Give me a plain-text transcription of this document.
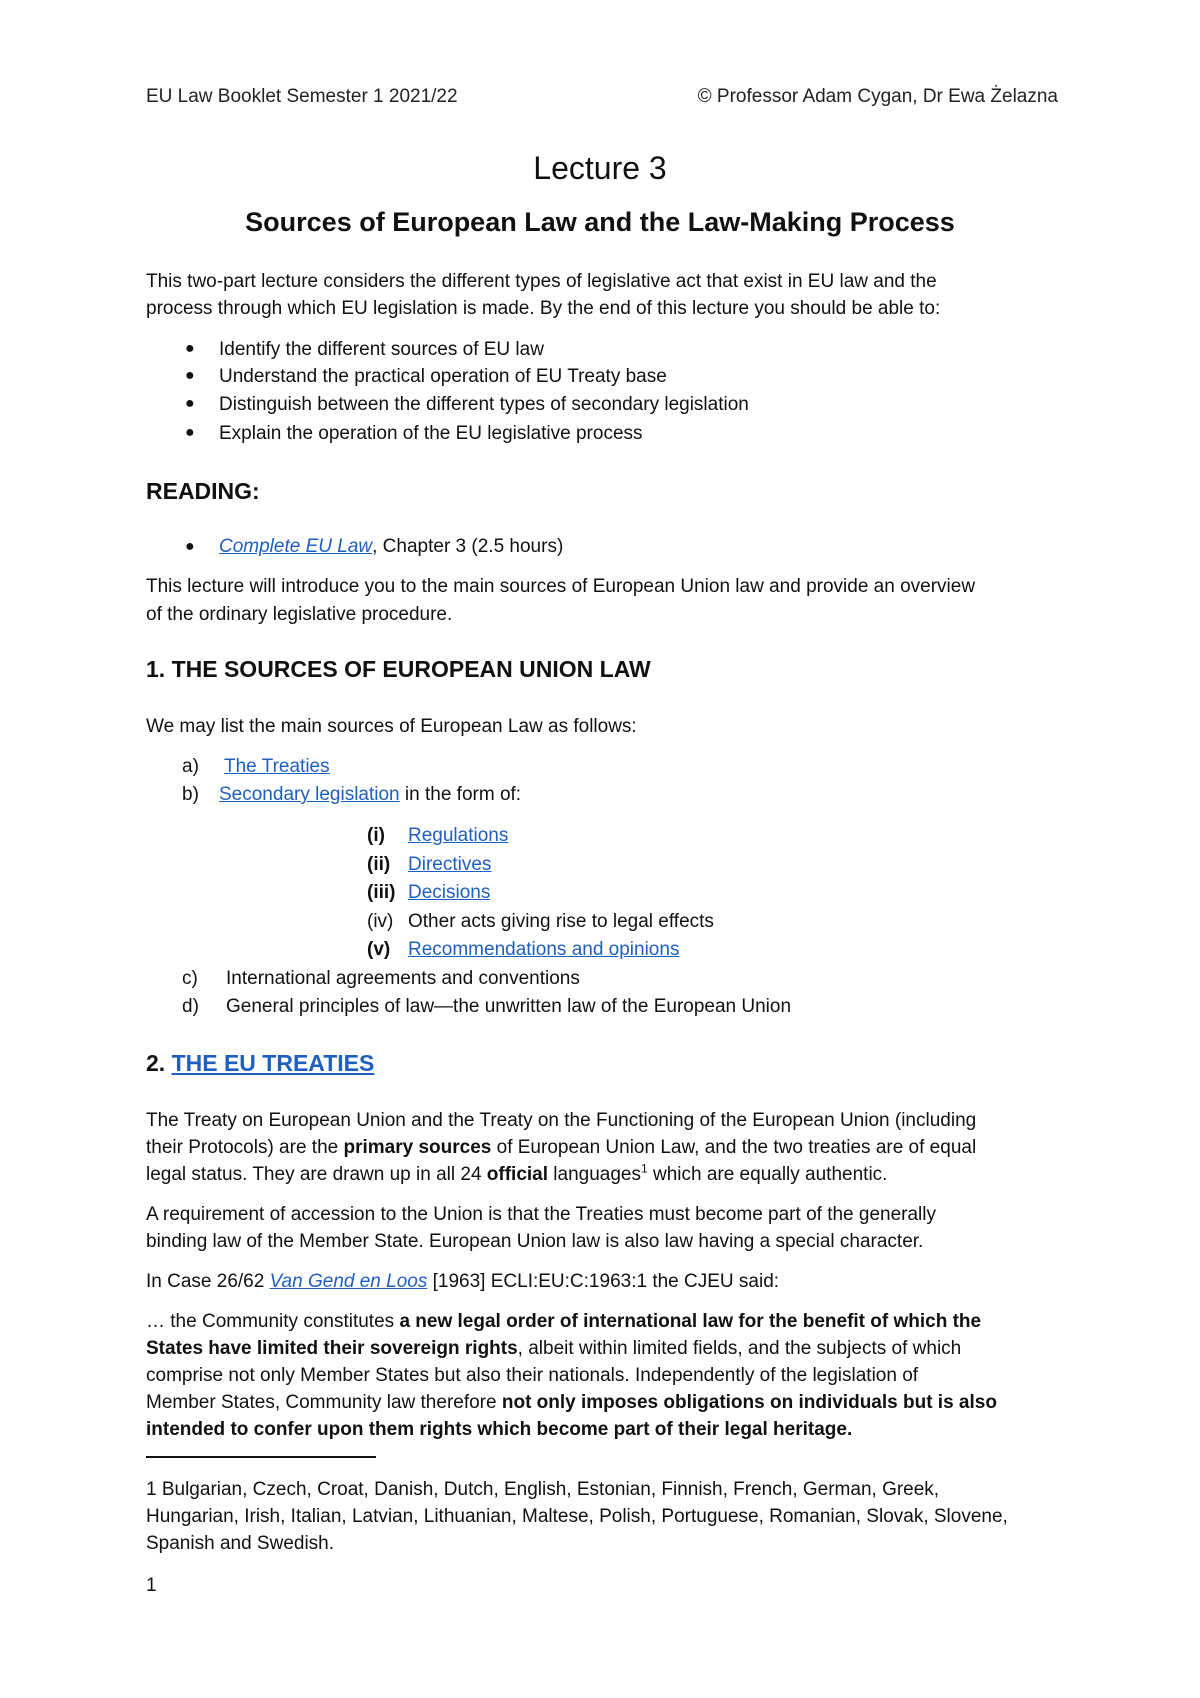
EU Law Booklet Semester 1 2021/22	© Professor Adam Cygan, Dr Ewa Żelazna
Lecture 3
Sources of European Law and the Law-Making Process
This two-part lecture considers the different types of legislative act that exist in EU law and the
process through which EU legislation is made. By the end of this lecture you should be able to:
● Identify the different sources of EU law
● Understand the practical operation of EU Treaty base
● Distinguish between the different types of secondary legislation
● Explain the operation of the EU legislative process
READING:
● Complete EU Law, Chapter 3 (2.5 hours)
This lecture will introduce you to the main sources of European Union law and provide an overview
of the ordinary legislative procedure.
1. THE SOURCES OF EUROPEAN UNION LAW
We may list the main sources of European Law as follows:
a) The Treaties
b) Secondary legislation in the form of:
(i) Regulations
(ii) Directives
(iii) Decisions
(iv) Other acts giving rise to legal effects
(v) Recommendations and opinions
c) International agreements and conventions
d) General principles of law—the unwritten law of the European Union
2. THE EU TREATIES
The Treaty on European Union and the Treaty on the Functioning of the European Union (including
their Protocols) are the primary sources of European Union Law, and the two treaties are of equal
legal status. They are drawn up in all 24 official languages$^1$ which are equally authentic.
A requirement of accession to the Union is that the Treaties must become part of the generally
binding law of the Member State. European Union law is also law having a special character.
In Case 26/62 Van Gend en Loos [1963] ECLI:EU:C:1963:1 the CJEU said:
… the Community constitutes a new legal order of international law for the benefit of which the
States have limited their sovereign rights, albeit within limited fields, and the subjects of which
comprise not only Member States but also their nationals. Independently of the legislation of
Member States, Community law therefore not only imposes obligations on individuals but is also
intended to confer upon them rights which become part of their legal heritage.
1 Bulgarian, Czech, Croat, Danish, Dutch, English, Estonian, Finnish, French, German, Greek,
Hungarian, Irish, Italian, Latvian, Lithuanian, Maltese, Polish, Portuguese, Romanian, Slovak, Slovene,
Spanish and Swedish.
1
